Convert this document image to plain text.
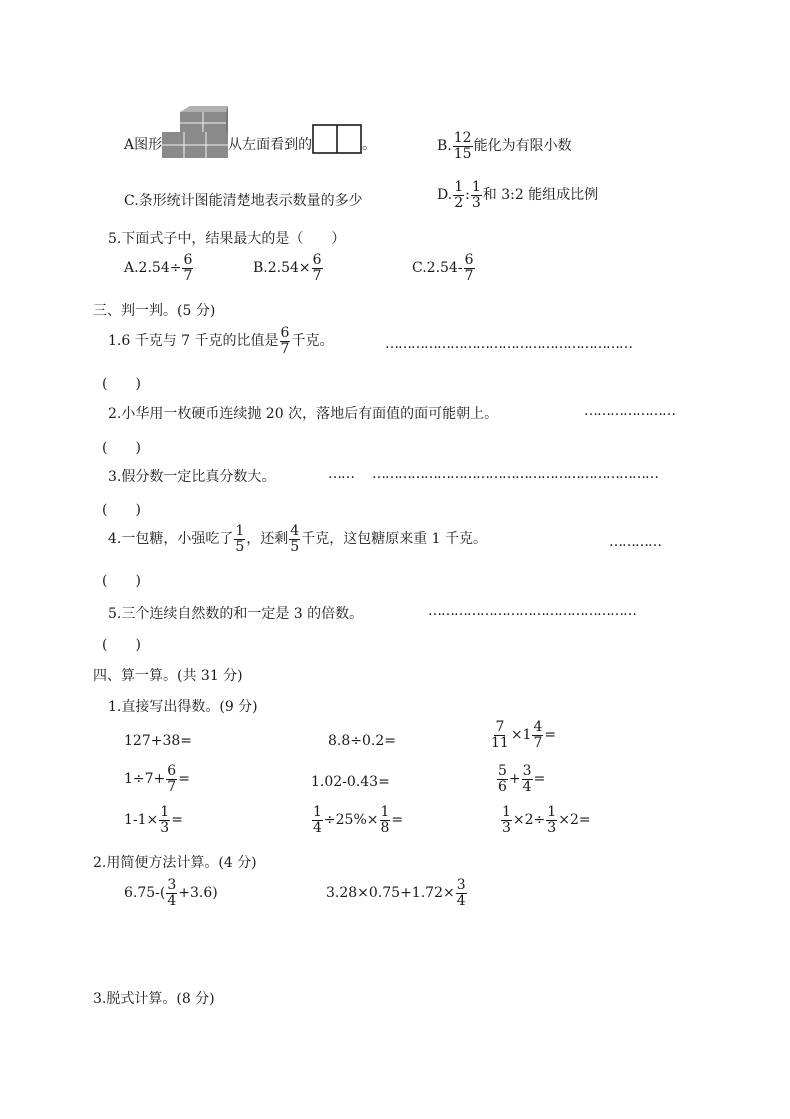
A图形	从左面看到的	。	B. $\frac{12}{15}$ 能化为有限小数
C.条形统计图能清楚地表示数量的多少	D. $\frac{1}{2}$ : $\frac{1}{3}$ 和 3:2 能组成比例
5.下面式子中，结果最大的是（　　）
$A.2.54\div \frac{6}{7}$	$B.2.54\times \frac{6}{7}$	$C.2.54- \frac{6}{7}$
三、判一判。(5 分)
1.6 千克与 7 千克的比值是 $\frac{6}{7}$ 千克。	…………………………………………………
(　　)
2.小华用一枚硬币连续抛 20 次，落地后有面值的面可能朝上。	…………………
(　　)
3.假分数一定比真分数大。	…… …………………………………………………………
(　　)
4.一包糖，小强吃了 $\frac{1}{5}$ ，还剩 $\frac{4}{5}$ 千克，这包糖原来重 1 千克。	…………
(　　)
5.三个连续自然数的和一定是 3 的倍数。	…………………………………………
(　　)
四、算一算。(共 31 分)
1.直接写出得数。(9 分)
127+38=	8.8÷0.2=	$\frac{7}{11} \times 1 \frac{4}{7}$ =
$1\div 7+ \frac{6}{7}$ =	1.02-0.43=	$\frac{5}{6} + \frac{3}{4}$ =
$1-1\times \frac{1}{3}$ =	$\frac{1}{4} \div 25\%\times \frac{1}{8}$ =	$\frac{1}{3} \times 2\div \frac{1}{3} \times 2=$
2.用简便方法计算。(4 分)
$6.75-( \frac{3}{4} +3.6)$	$3.28\times 0.75+1.72\times \frac{3}{4}$
3.脱式计算。(8 分)
